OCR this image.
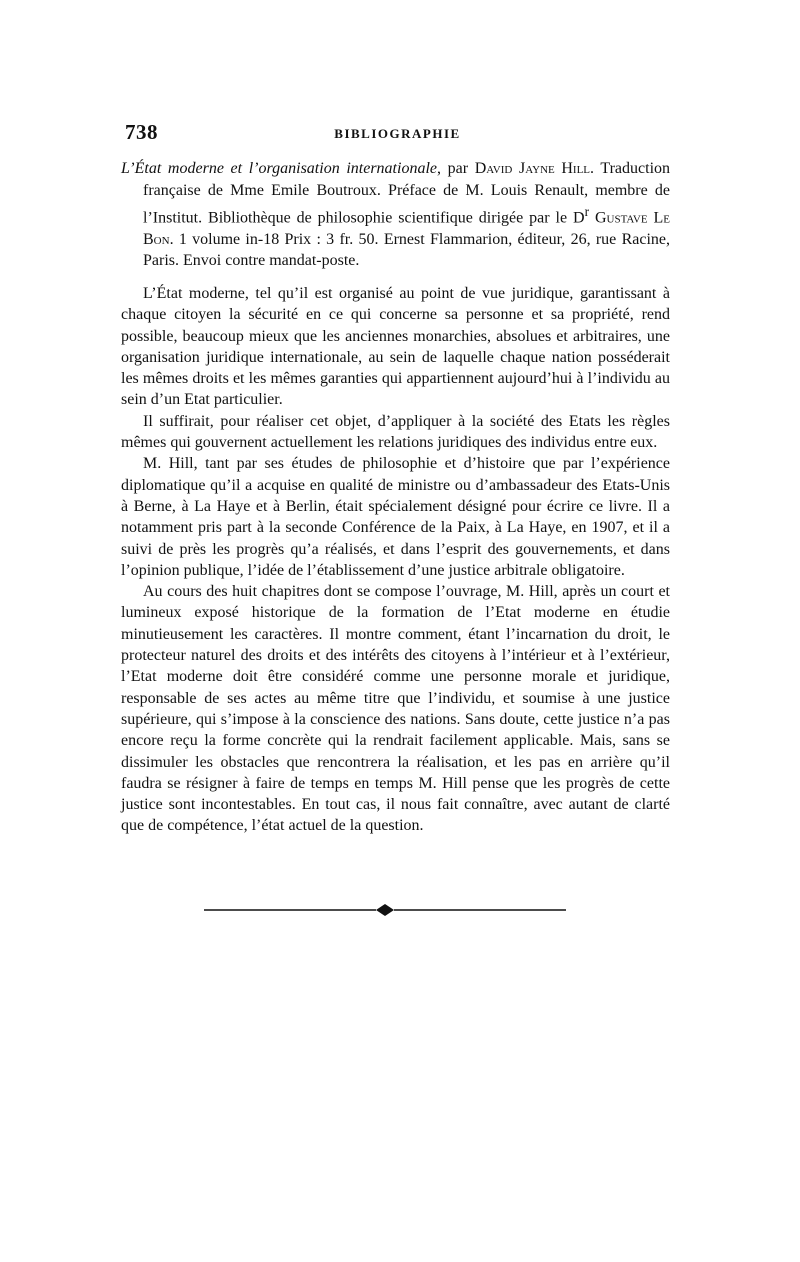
738	BIBLIOGRAPHIE

L’État moderne et l’organisation internationale, par David Jayne Hill. Traduction française de Mme Emile Boutroux. Préface de M. Louis Renault, membre de l’Institut. Bibliothèque de philosophie scientifique dirigée par le $D^r$ Gustave Le Bon. 1 volume in-18 Prix : 3 fr. 50. Ernest Flammarion, éditeur, 26, rue Racine, Paris. Envoi contre mandat-poste.

L’État moderne, tel qu’il est organisé au point de vue juridique, garantissant à chaque citoyen la sécurité en ce qui concerne sa personne et sa propriété, rend possible, beaucoup mieux que les anciennes monarchies, absolues et arbitraires, une organisation juridique internationale, au sein de laquelle chaque nation posséderait les mêmes droits et les mêmes garanties qui appartiennent aujourd’hui à l’individu au sein d’un Etat particulier.

Il suffirait, pour réaliser cet objet, d’appliquer à la société des Etats les règles mêmes qui gouvernent actuellement les relations juridiques des individus entre eux.

M. Hill, tant par ses études de philosophie et d’histoire que par l’expérience diplomatique qu’il a acquise en qualité de ministre ou d’ambassadeur des Etats-Unis à Berne, à La Haye et à Berlin, était spécialement désigné pour écrire ce livre. Il a notamment pris part à la seconde Conférence de la Paix, à La Haye, en 1907, et il a suivi de près les progrès qu’a réalisés, et dans l’esprit des gouvernements, et dans l’opinion publique, l’idée de l’établissement d’une justice arbitrale obligatoire.

Au cours des huit chapitres dont se compose l’ouvrage, M. Hill, après un court et lumineux exposé historique de la formation de l’Etat moderne en étudie minutieusement les caractères. Il montre comment, étant l’incarnation du droit, le protecteur naturel des droits et des intérêts des citoyens à l’intérieur et à l’extérieur, l’Etat moderne doit être considéré comme une personne morale et juridique, responsable de ses actes au même titre que l’individu, et soumise à une justice supérieure, qui s’impose à la conscience des nations. Sans doute, cette justice n’a pas encore reçu la forme concrète qui la rendrait facilement applicable. Mais, sans se dissimuler les obstacles que rencontrera la réalisation, et les pas en arrière qu’il faudra se résigner à faire de temps en temps M. Hill pense que les progrès de cette justice sont incontestables. En tout cas, il nous fait connaître, avec autant de clarté que de compétence, l’état actuel de la question.
